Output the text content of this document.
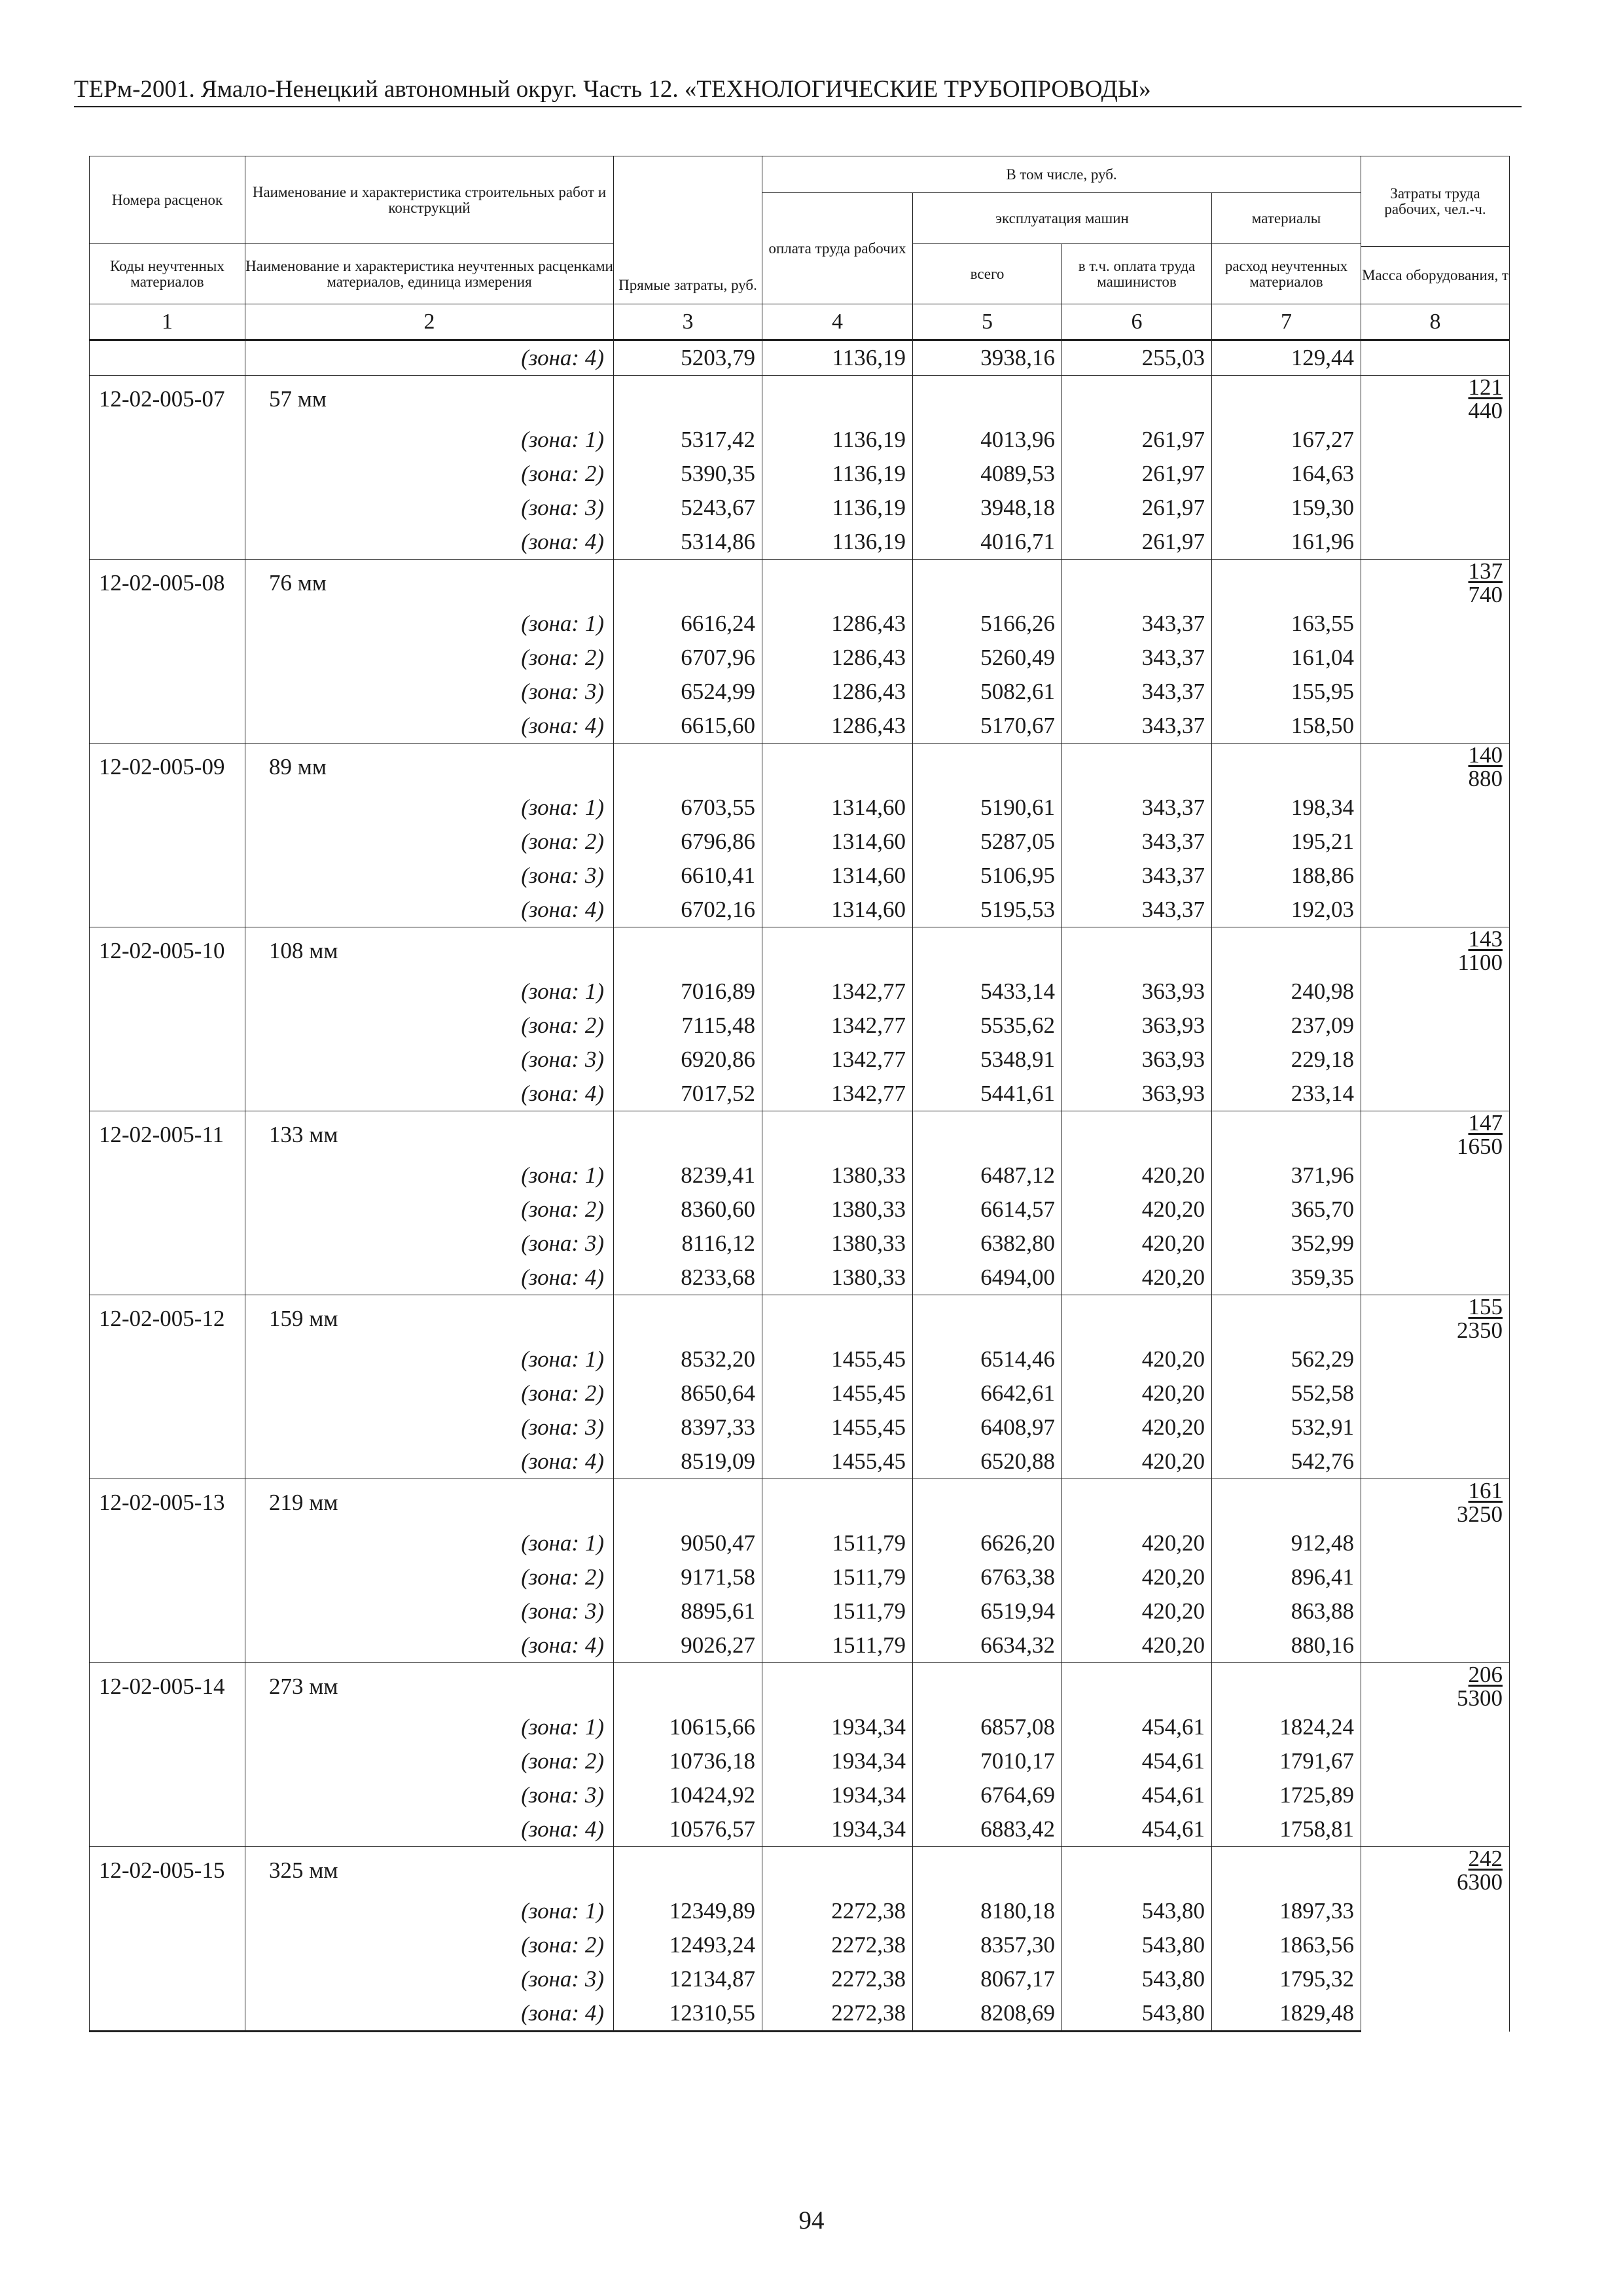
ТЕРм-2001. Ямало-Ненецкий автономный округ. Часть 12. «ТЕХНОЛОГИЧЕСКИЕ ТРУБОПРОВОДЫ»
Номера расценок	Наименование и характеристика строительных работ и конструкций	Прямые затраты, руб.	В том числе, руб.				Затраты труда рабочих, чел.-ч.
			оплата труда рабочих	эксплуатация машин		материалы	

Коды неучтенных материалов	Наименование и характеристика неучтенных расценками материалов, единица измерения			всего	в т.ч. оплата труда машинистов	расход неучтенных материалов	
							Масса оборудования, т

1	2	3	4	5	6	7	8
	(зона: 4)	5203,79	1136,19	3938,16	255,03	129,44	
12-02-005-07	57 мм						$\frac{121}{440}$

	(зона: 1)	5317,42	1136,19	4013,96	261,97	167,27	
	(зона: 2)	5390,35	1136,19	4089,53	261,97	164,63	
	(зона: 3)	5243,67	1136,19	3948,18	261,97	159,30	
	(зона: 4)	5314,86	1136,19	4016,71	261,97	161,96	
12-02-005-08	76 мм						$\frac{137}{740}$

	(зона: 1)	6616,24	1286,43	5166,26	343,37	163,55	
	(зона: 2)	6707,96	1286,43	5260,49	343,37	161,04	
	(зона: 3)	6524,99	1286,43	5082,61	343,37	155,95	
	(зона: 4)	6615,60	1286,43	5170,67	343,37	158,50	
12-02-005-09	89 мм						$\frac{140}{880}$

	(зона: 1)	6703,55	1314,60	5190,61	343,37	198,34	
	(зона: 2)	6796,86	1314,60	5287,05	343,37	195,21	
	(зона: 3)	6610,41	1314,60	5106,95	343,37	188,86	
	(зона: 4)	6702,16	1314,60	5195,53	343,37	192,03	
12-02-005-10	108 мм						$\frac{143}{1100}$

	(зона: 1)	7016,89	1342,77	5433,14	363,93	240,98	
	(зона: 2)	7115,48	1342,77	5535,62	363,93	237,09	
	(зона: 3)	6920,86	1342,77	5348,91	363,93	229,18	
	(зона: 4)	7017,52	1342,77	5441,61	363,93	233,14	
12-02-005-11	133 мм						$\frac{147}{1650}$

	(зона: 1)	8239,41	1380,33	6487,12	420,20	371,96	
	(зона: 2)	8360,60	1380,33	6614,57	420,20	365,70	
	(зона: 3)	8116,12	1380,33	6382,80	420,20	352,99	
	(зона: 4)	8233,68	1380,33	6494,00	420,20	359,35	
12-02-005-12	159 мм						$\frac{155}{2350}$

	(зона: 1)	8532,20	1455,45	6514,46	420,20	562,29	
	(зона: 2)	8650,64	1455,45	6642,61	420,20	552,58	
	(зона: 3)	8397,33	1455,45	6408,97	420,20	532,91	
	(зона: 4)	8519,09	1455,45	6520,88	420,20	542,76	
12-02-005-13	219 мм						$\frac{161}{3250}$

	(зона: 1)	9050,47	1511,79	6626,20	420,20	912,48	
	(зона: 2)	9171,58	1511,79	6763,38	420,20	896,41	
	(зона: 3)	8895,61	1511,79	6519,94	420,20	863,88	
	(зона: 4)	9026,27	1511,79	6634,32	420,20	880,16	
12-02-005-14	273 мм						$\frac{206}{5300}$

	(зона: 1)	10615,66	1934,34	6857,08	454,61	1824,24	
	(зона: 2)	10736,18	1934,34	7010,17	454,61	1791,67	
	(зона: 3)	10424,92	1934,34	6764,69	454,61	1725,89	
	(зона: 4)	10576,57	1934,34	6883,42	454,61	1758,81	
12-02-005-15	325 мм						$\frac{242}{6300}$

	(зона: 1)	12349,89	2272,38	8180,18	543,80	1897,33	
	(зона: 2)	12493,24	2272,38	8357,30	543,80	1863,56	
	(зона: 3)	12134,87	2272,38	8067,17	543,80	1795,32	
	(зона: 4)	12310,55	2272,38	8208,69	543,80	1829,48	
94
